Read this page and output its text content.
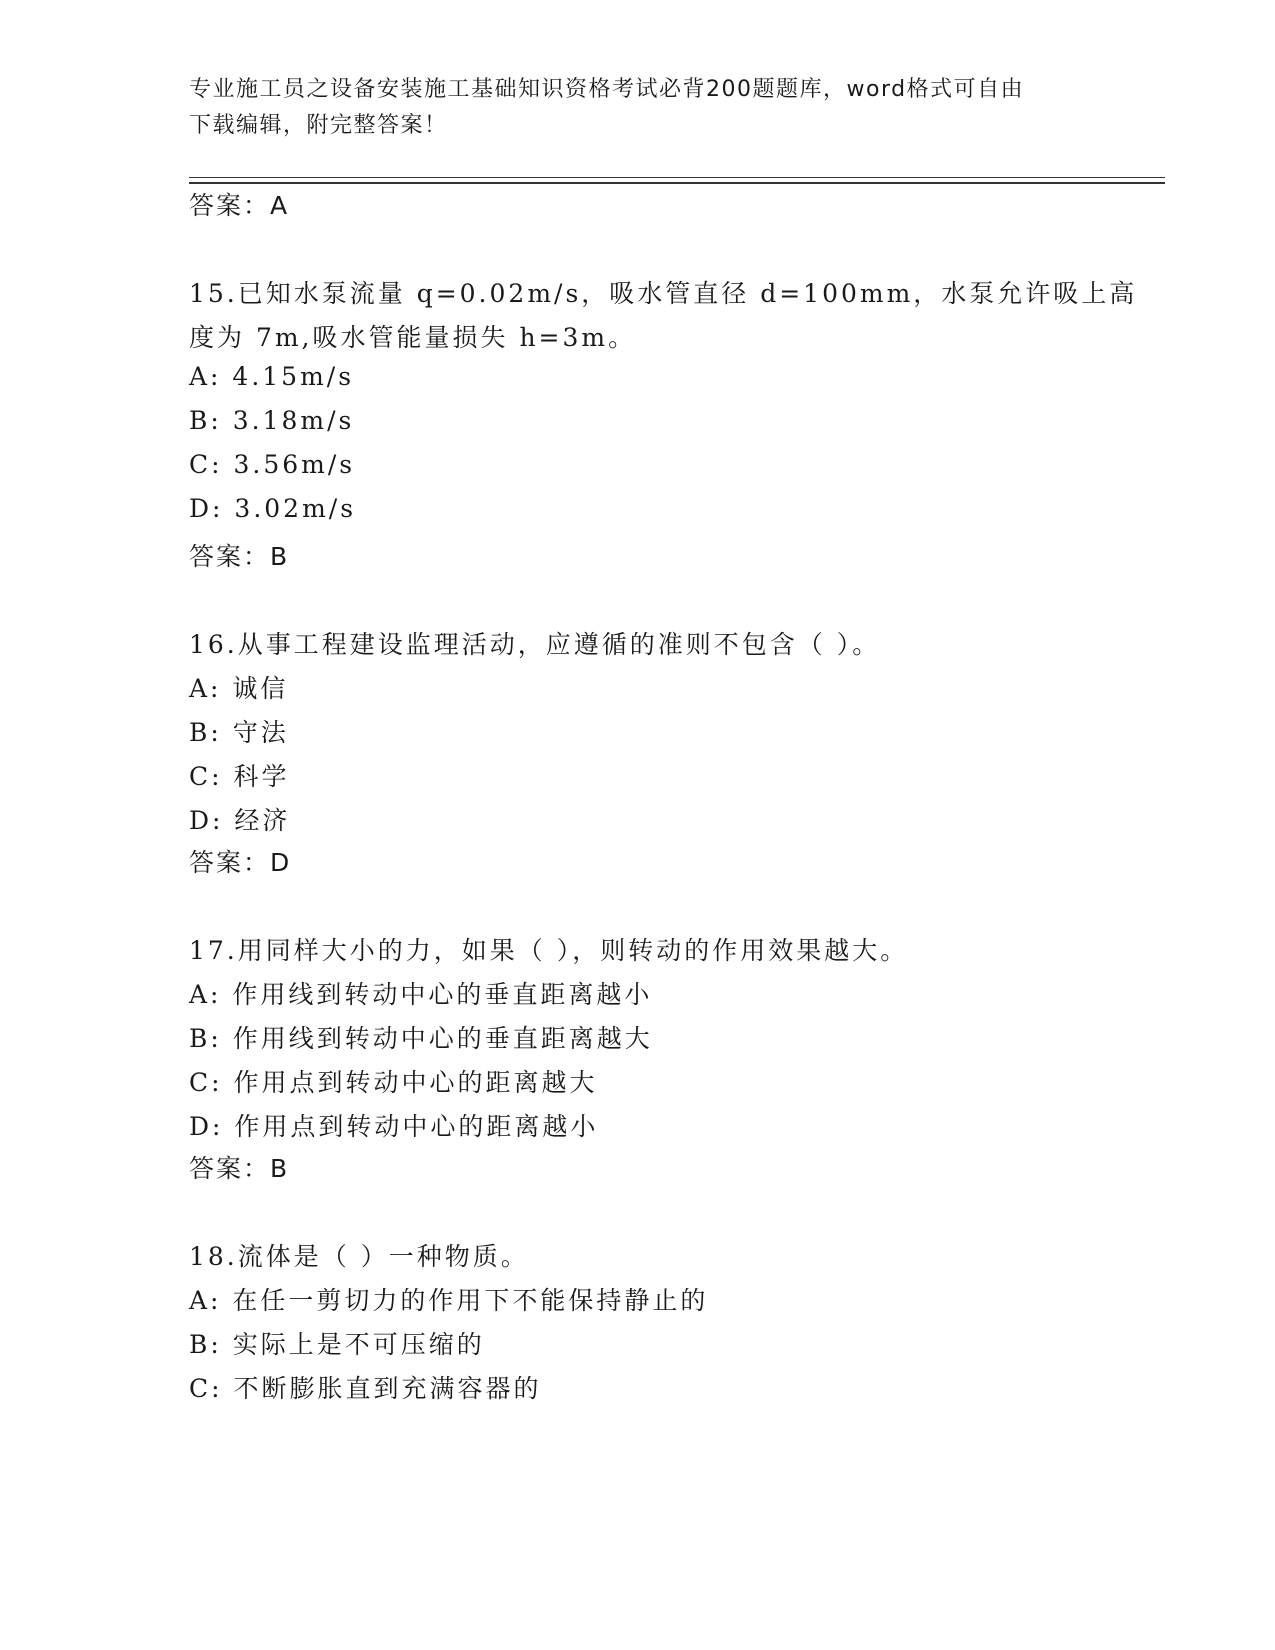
专业施工员之设备安装施工基础知识资格考试必背200题题库，word格式可自由
下载编辑，附完整答案！
答案：A
15.已知水泵流量 q=0.02m/s，吸水管直径 d=100mm，水泵允许吸上高
度为 7m,吸水管能量损失 h=3m。
A: 4.15m/s
B: 3.18m/s
C: 3.56m/s
D: 3.02m/s
答案：B
16.从事工程建设监理活动，应遵循的准则不包含（ ）。
A: 诚信
B: 守法
C: 科学
D: 经济
答案：D
17.用同样大小的力，如果（ ），则转动的作用效果越大。
A: 作用线到转动中心的垂直距离越小
B: 作用线到转动中心的垂直距离越大
C: 作用点到转动中心的距离越大
D: 作用点到转动中心的距离越小
答案：B
18.流体是（ ）一种物质。
A: 在任一剪切力的作用下不能保持静止的
B: 实际上是不可压缩的
C: 不断膨胀直到充满容器的
